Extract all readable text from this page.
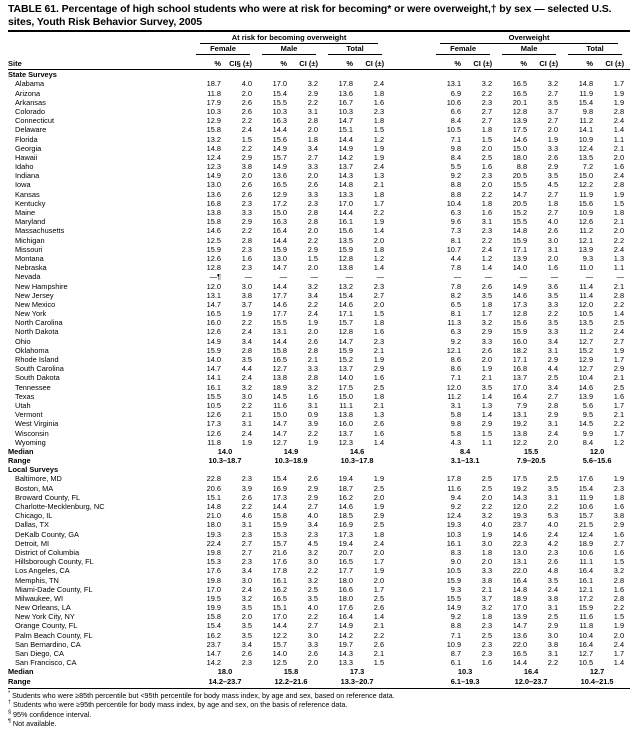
TABLE 61. Percentage of high school students who were at risk for becoming* or were overweight,† by sex — selected U.S. sites, Youth Risk Behavior Survey, 2005

	At risk for becoming overweight							Overweight					

	Female		Male		Total			Female		Male		Total	

Site	%	CI§ (±)	%	CI (±)	%	CI (±)		%	CI (±)	%	CI (±)	%	CI (±)
State Surveys													
Alabama	18.7	4.0	17.0	3.2	17.8	2.4		13.1	3.2	16.5	3.2	14.8	1.7
Arizona	11.8	2.0	15.4	2.9	13.6	1.8		6.9	2.2	16.5	2.7	11.9	1.9
Arkansas	17.9	2.6	15.5	2.2	16.7	1.6		10.6	2.3	20.1	3.5	15.4	1.9
Colorado	10.3	2.6	10.3	3.1	10.3	2.3		6.6	2.7	12.8	3.7	9.8	2.8
Connecticut	12.9	2.2	16.3	2.8	14.7	1.8		8.4	2.7	13.9	2.7	11.2	2.4
Delaware	15.8	2.4	14.4	2.0	15.1	1.5		10.5	1.8	17.5	2.0	14.1	1.4
Florida	13.2	1.5	15.6	1.8	14.4	1.2		7.1	1.5	14.6	1.9	10.9	1.1
Georgia	14.8	2.2	14.9	3.4	14.9	1.9		9.8	2.0	15.0	3.3	12.4	2.1
Hawaii	12.4	2.9	15.7	2.7	14.2	1.9		8.4	2.5	18.0	2.6	13.5	2.0
Idaho	12.3	3.8	14.9	3.3	13.7	2.4		5.5	1.6	8.8	2.9	7.2	1.6
Indiana	14.9	2.0	13.6	2.0	14.3	1.3		9.2	2.3	20.5	3.5	15.0	2.4
Iowa	13.0	2.6	16.5	2.6	14.8	2.1		8.8	2.0	15.5	4.5	12.2	2.8
Kansas	13.6	2.6	12.9	3.3	13.3	1.8		8.8	2.2	14.7	2.7	11.9	1.9
Kentucky	16.8	2.3	17.2	2.3	17.0	1.7		10.4	1.8	20.5	1.8	15.6	1.5
Maine	13.8	3.3	15.0	2.8	14.4	2.2		6.3	1.6	15.2	2.7	10.9	1.8
Maryland	15.8	2.9	16.3	2.8	16.1	1.9		9.6	3.1	15.5	4.0	12.6	2.1
Massachusetts	14.6	2.2	16.4	2.0	15.6	1.4		7.3	2.3	14.8	2.6	11.2	2.0
Michigan	12.5	2.8	14.4	2.2	13.5	2.0		8.1	2.2	15.9	3.0	12.1	2.2
Missouri	15.9	2.3	15.9	2.9	15.9	1.8		10.7	2.4	17.1	3.1	13.9	2.4
Montana	12.6	1.6	13.0	1.5	12.8	1.2		4.4	1.2	13.9	2.0	9.3	1.3
Nebraska	12.8	2.3	14.7	2.0	13.8	1.4		7.8	1.4	14.0	1.6	11.0	1.1
Nevada	—¶	—	—	—	—	—		—	—	—	—	—	—
New Hampshire	12.0	3.0	14.4	3.2	13.2	2.3		7.8	2.6	14.9	3.6	11.4	2.1
New Jersey	13.1	3.8	17.7	3.4	15.4	2.7		8.2	3.5	14.6	3.5	11.4	2.8
New Mexico	14.7	3.7	14.6	2.2	14.6	2.0		6.5	1.8	17.3	3.3	12.0	2.2
New York	16.5	1.9	17.7	2.4	17.1	1.5		8.1	1.7	12.8	2.2	10.5	1.4
North Carolina	16.0	2.2	15.5	1.9	15.7	1.8		11.3	3.2	15.6	3.5	13.5	2.5
North Dakota	12.6	2.4	13.1	2.0	12.8	1.6		6.3	2.9	15.9	3.3	11.2	2.4
Ohio	14.9	3.4	14.4	2.6	14.7	2.3		9.2	3.3	16.0	3.4	12.7	2.7
Oklahoma	15.9	2.8	15.8	2.8	15.9	2.1		12.1	2.6	18.2	3.1	15.2	1.9
Rhode Island	14.0	3.5	16.5	2.1	15.2	1.9		8.6	2.0	17.1	2.9	12.9	1.7
South Carolina	14.7	4.4	12.7	3.3	13.7	2.9		8.6	1.9	16.8	4.4	12.7	2.9
South Dakota	14.1	2.4	13.8	2.8	14.0	1.6		7.1	2.1	13.7	2.5	10.4	2.1
Tennessee	16.1	3.2	18.9	3.2	17.5	2.5		12.0	3.5	17.0	3.4	14.6	2.5
Texas	15.5	3.0	14.5	1.6	15.0	1.8		11.2	1.4	16.4	2.7	13.9	1.6
Utah	10.5	2.2	11.6	3.1	11.1	2.1		3.1	1.3	7.9	2.8	5.6	1.7
Vermont	12.6	2.1	15.0	0.9	13.8	1.3		5.8	1.4	13.1	2.9	9.5	2.1
West Virginia	17.3	3.1	14.7	3.9	16.0	2.6		9.8	2.9	19.2	3.1	14.5	2.2
Wisconsin	12.6	2.4	14.7	2.2	13.7	1.6		5.8	1.5	13.8	2.4	9.9	1.7
Wyoming	11.8	1.9	12.7	1.9	12.3	1.4		4.3	1.1	12.2	2.0	8.4	1.2
Median	14.0		14.9		14.6			8.4		15.5		12.0	
Range	10.3–18.7		10.3–18.9		10.3–17.8			3.1–13.1		7.9–20.5		5.6–15.6	
Local Surveys													
Baltimore, MD	22.8	2.3	15.4	2.6	19.4	1.9		17.8	2.5	17.5	2.5	17.6	1.9
Boston, MA	20.6	3.9	16.9	2.9	18.7	2.5		11.6	2.5	19.2	3.5	15.4	2.3
Broward County, FL	15.1	2.6	17.3	2.9	16.2	2.0		9.4	2.0	14.3	3.1	11.9	1.8
Charlotte-Mecklenburg, NC	14.8	2.2	14.4	2.7	14.6	1.9		9.2	2.2	12.0	2.2	10.6	1.6
Chicago, IL	21.0	4.6	15.8	4.0	18.5	2.9		12.4	3.2	19.3	5.3	15.7	3.8
Dallas, TX	18.0	3.1	15.9	3.4	16.9	2.5		19.3	4.0	23.7	4.0	21.5	2.9
DeKalb County, GA	19.3	2.3	15.3	2.3	17.3	1.8		10.3	1.9	14.6	2.4	12.4	1.6
Detroit, MI	22.4	2.7	15.7	4.5	19.4	2.4		16.1	3.0	22.3	4.2	18.9	2.7
District of Columbia	19.8	2.7	21.6	3.2	20.7	2.0		8.3	1.8	13.0	2.3	10.6	1.6
Hillsborough County, FL	15.3	2.3	17.6	3.0	16.5	1.7		9.0	2.0	13.1	2.6	11.1	1.5
Los Angeles, CA	17.6	3.4	17.8	2.2	17.7	1.9		10.5	3.3	22.0	4.8	16.4	3.2
Memphis, TN	19.8	3.0	16.1	3.2	18.0	2.0		15.9	3.8	16.4	3.5	16.1	2.8
Miami-Dade County, FL	17.0	2.4	16.2	2.5	16.6	1.7		9.3	2.1	14.8	2.4	12.1	1.6
Milwaukee, WI	19.5	3.2	16.5	3.5	18.0	2.5		15.5	3.7	18.9	3.8	17.2	2.8
New Orleans, LA	19.9	3.5	15.1	4.0	17.6	2.6		14.9	3.2	17.0	3.1	15.9	2.2
New York City, NY	15.8	2.0	17.0	2.2	16.4	1.4		9.2	1.8	13.9	2.5	11.6	1.5
Orange County, FL	15.4	3.5	14.4	2.7	14.9	2.1		8.8	2.3	14.7	2.9	11.8	1.9
Palm Beach County, FL	16.2	3.5	12.2	3.0	14.2	2.2		7.1	2.5	13.6	3.0	10.4	2.0
San Bernardino, CA	23.7	3.4	15.7	3.3	19.7	2.6		10.9	2.3	22.0	3.8	16.4	2.4
San Diego, CA	14.7	2.6	14.0	2.6	14.3	2.1		8.7	2.3	16.5	3.1	12.7	1.7
San Francisco, CA	14.2	2.3	12.5	2.0	13.3	1.5		6.1	1.6	14.4	2.2	10.5	1.4
Median	18.0		15.8		17.3			10.3		16.4		12.7	
Range	14.2–23.7		12.2–21.6		13.3–20.7			6.1–19.3		12.0–23.7		10.4–21.5	
* Students who were ≥85th percentile but <95th percentile for body mass index, by age and sex, based on reference data.
† Students who were ≥95th percentile for body mass index, by age and sex, on the basis of reference data.
§ 95% confidence interval.
¶ Not available.
